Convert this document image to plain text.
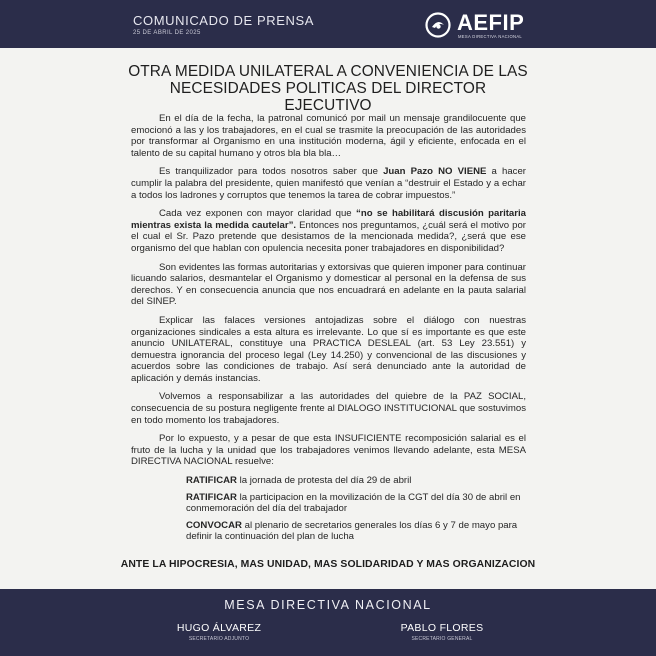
COMUNICADO DE PRENSA
25 DE ABRIL DE 2025	AEFIP
MESA DIRECTIVA NACIONAL
OTRA MEDIDA UNILATERAL A CONVENIENCIA DE LAS
NECESIDADES POLITICAS DEL DIRECTOR EJECUTIVO

En el día de la fecha, la patronal comunicó por mail un mensaje grandilocuente que emocionó a las y los trabajadores, en el cual se trasmite la preocupación de las autoridades por transformar al Organismo en una institución moderna, ágil y eficiente, enfocada en el talento de su capital humano y otros bla bla bla…

Es tranquilizador para todos nosotros saber que Juan Pazo NO VIENE a hacer cumplir la palabra del presidente, quien manifestó que venían a “destruir el Estado y a echar a todos los ladrones y corruptos que tenemos la tarea de cobrar impuestos.”

Cada vez exponen con mayor claridad que “no se habilitará discusión paritaria mientras exista la medida cautelar”. Entonces nos preguntamos, ¿cuál será el motivo por el cual el Sr. Pazo pretende que desistamos de la mencionada medida?, ¿será que ese organismo del que hablan con opulencia necesita poner trabajadores en disponibilidad?

Son evidentes las formas autoritarias y extorsivas que quieren imponer para continuar licuando salarios, desmantelar el Organismo y domesticar al personal en la defensa de sus derechos. Y en consecuencia anuncia que nos encuadrará en adelante en la pauta salarial del SINEP.

Explicar las falaces versiones antojadizas sobre el diálogo con nuestras organizaciones sindicales a esta altura es irrelevante. Lo que sí es importante es que este anuncio UNILATERAL, constituye una PRACTICA DESLEAL (art. 53 Ley 23.551) y demuestra ignorancia del proceso legal (Ley 14.250) y convencional de las discusiones y acuerdos sobre las condiciones de trabajo. Así será denunciado ante la autoridad de aplicación y demás instancias.

Volvemos a responsabilizar a las autoridades del quiebre de la PAZ SOCIAL, consecuencia de su postura negligente frente al DIALOGO INSTITUCIONAL que sostuvimos en todo momento los trabajadores.

Por lo expuesto, y a pesar de que esta INSUFICIENTE recomposición salarial es el fruto de la lucha y la unidad que los trabajadores venimos llevando adelante, esta MESA DIRECTIVA NACIONAL resuelve:

RATIFICAR la jornada de protesta del día 29 de abril

RATIFICAR la participacion en la movilización de la CGT del día 30 de abril en conmemoración del día del trabajador

CONVOCAR al plenario de secretarios generales los días 6 y 7 de mayo para definir la continuación del plan de lucha

ANTE LA HIPOCRESIA, MAS UNIDAD, MAS SOLIDARIDAD Y MAS ORGANIZACION
MESA DIRECTIVA NACIONAL
HUGO ÁLVAREZ
SECRETARIO ADJUNTO
PABLO FLORES
SECRETARIO GENERAL
